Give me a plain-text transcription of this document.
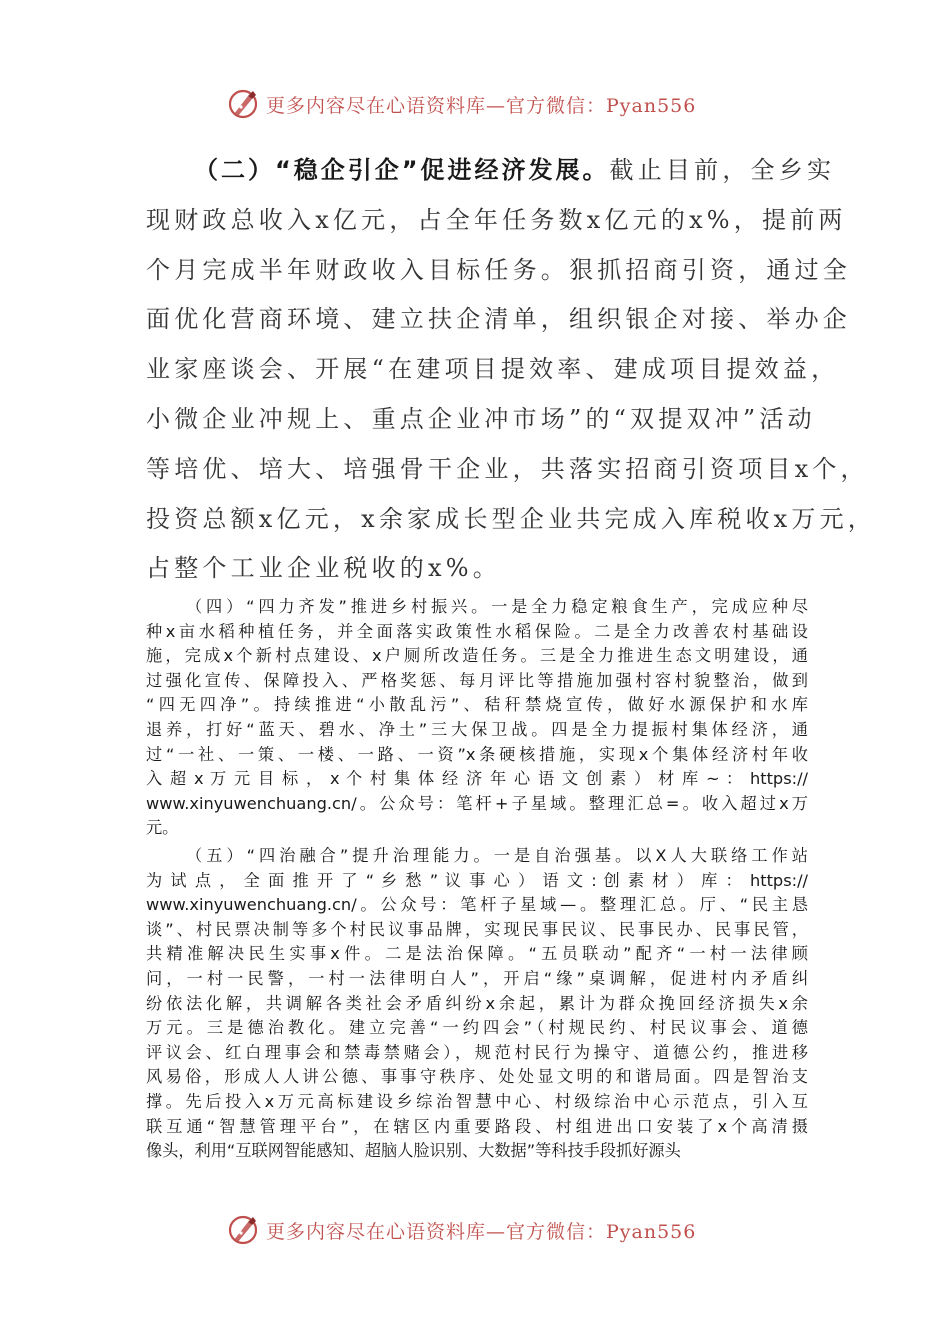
更多内容尽在心语资料库—官方微信：Pyan556
（二）“稳企引企”促进经济发展。截止目前，全乡实
现财政总收入x亿元，占全年任务数x亿元的x%，提前两
个月完成半年财政收入目标任务。狠抓招商引资，通过全
面优化营商环境、建立扶企清单，组织银企对接、举办企
业家座谈会、开展“在建项目提效率、建成项目提效益，
小微企业冲规上、重点企业冲市场”的“双提双冲”活动
等培优、培大、培强骨干企业，共落实招商引资项目x个，
投资总额x亿元，x余家成长型企业共完成入库税收x万元，
占整个工业企业税收的x%。
（四）“四力齐发”推进乡村振兴。一是全力稳定粮食生产，完成应种尽
种x亩水稻种植任务，并全面落实政策性水稻保险。二是全力改善农村基础设
施，完成x个新村点建设、x户厕所改造任务。三是全力推进生态文明建设，通
过强化宣传、保障投入、严格奖惩、每月评比等措施加强村容村貌整治，做到
“四无四净”。持续推进“小散乱污”、秸秆禁烧宣传，做好水源保护和水库
退养，打好“蓝天、碧水、净土”三大保卫战。四是全力提振村集体经济，通
过“一社、一策、一楼、一路、一资”x条硬核措施，实现x个集体经济村年收
入 超 x 万 元 目 标 ， x 个 村 集 体 经 济 年 心 语 文 创 素 ） 材 库 ~ ： https://
www.xinyuwenchuang.cn/。公众号：笔杆+子星域。整理汇总=。收入超过x万
元。
（五）“四治融合”提升治理能力。一是自治强基。以X人大联络工作站
为 试 点 ， 全 面 推 开 了 “ 乡 愁 ” 议 事 心 ） 语 文 : 创 素 材 ） 库 ： https://
www.xinyuwenchuang.cn/。公众号：笔杆子星域—。整理汇总。厅、“民主恳
谈”、村民票决制等多个村民议事品牌，实现民事民议、民事民办、民事民管，
共精准解决民生实事x件。二是法治保障。“五员联动”配齐“一村一法律顾
问，一村一民警，一村一法律明白人”，开启“缘”桌调解，促进村内矛盾纠
纷依法化解，共调解各类社会矛盾纠纷x余起，累计为群众挽回经济损失x余
万元。三是德治教化。建立完善“一约四会”（村规民约、村民议事会、道德
评议会、红白理事会和禁毒禁赌会），规范村民行为操守、道德公约，推进移
风易俗，形成人人讲公德、事事守秩序、处处显文明的和谐局面。四是智治支
撑。先后投入x万元高标建设乡综治智慧中心、村级综治中心示范点，引入互
联互通“智慧管理平台”，在辖区内重要路段、村组进出口安装了x个高清摄
像头，利用“互联网智能感知、超脑人脸识别、大数据”等科技手段抓好源头
更多内容尽在心语资料库—官方微信：Pyan556
